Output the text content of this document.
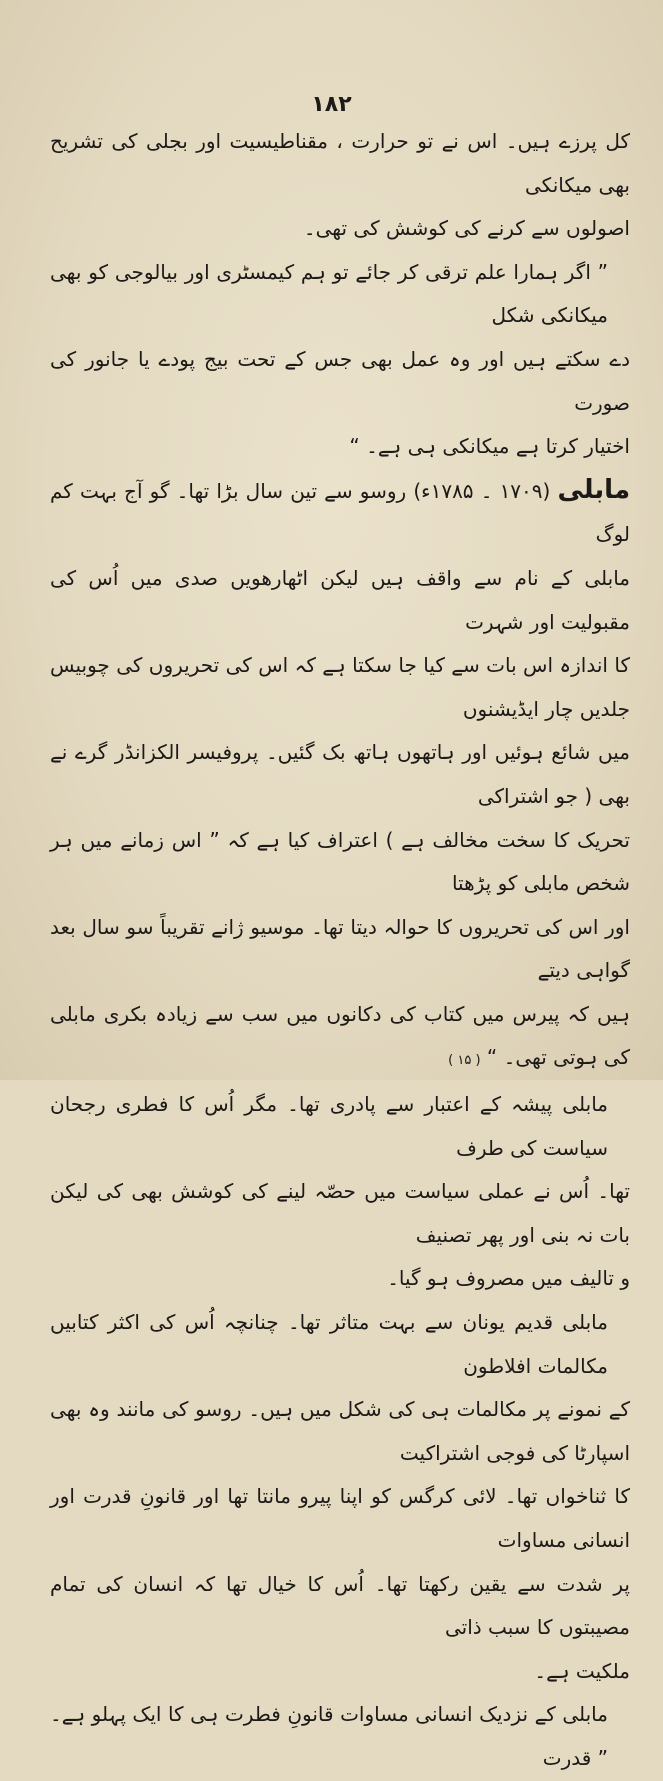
۱۸۲

کل پرزے ہیں۔ اس نے تو حرارت ، مقناطیسیت اور بجلی کی تشریح بھی میکانکی

اصولوں سے کرنے کی کوشش کی تھی۔

” اگر ہمارا علم ترقی کر جائے تو ہم کیمسٹری اور بیالوجی کو بھی میکانکی شکل

دے سکتے ہیں اور وہ عمل بھی جس کے تحت بیج پودے یا جانور کی صورت

اختیار کرتا ہے میکانکی ہی ہے۔ “

مابلی (۱۷۰۹ ۔ ۱۷۸۵ء) روسو سے تین سال بڑا تھا۔ گو آج بہت کم لوگ

مابلی کے نام سے واقف ہیں لیکن اٹھارھویں صدی میں اُس کی مقبولیت اور شہرت

کا اندازہ اس بات سے کیا جا سکتا ہے کہ اس کی تحریروں کی چوبیس جلدیں چار ایڈیشنوں

میں شائع ہوئیں اور ہاتھوں ہاتھ بک گئیں۔ پروفیسر الکزانڈر گرے نے بھی ( جو اشتراکی

تحریک کا سخت مخالف ہے ) اعتراف کیا ہے کہ ” اس زمانے میں ہر شخص مابلی کو پڑھتا

اور اس کی تحریروں کا حوالہ دیتا تھا۔ موسیو ژانے تقریباً سو سال بعد گواہی دیتے

ہیں کہ پیرس میں کتاب کی دکانوں میں سب سے زیادہ بکری مابلی کی ہوتی تھی۔ “ ( ۱۵ )

مابلی پیشہ کے اعتبار سے پادری تھا۔ مگر اُس کا فطری رجحان سیاست کی طرف

تھا۔ اُس نے عملی سیاست میں حصّہ لینے کی کوشش بھی کی لیکن بات نہ بنی اور پھر تصنیف

و تالیف میں مصروف ہو گیا۔

مابلی قدیم یونان سے بہت متاثر تھا۔ چنانچہ اُس کی اکثر کتابیں مکالمات افلاطون

کے نمونے پر مکالمات ہی کی شکل میں ہیں۔ روسو کی مانند وہ بھی اسپارٹا کی فوجی اشتراکیت

کا ثناخواں تھا۔ لائی کرگس کو اپنا پیرو مانتا تھا اور قانونِ قدرت اور انسانی مساوات

پر شدت سے یقین رکھتا تھا۔ اُس کا خیال تھا کہ انسان کی تمام مصیبتوں کا سبب ذاتی

ملکیت ہے۔

مابلی کے نزدیک انسانی مساوات قانونِ فطرت ہی کا ایک پہلو ہے۔ ” قدرت
